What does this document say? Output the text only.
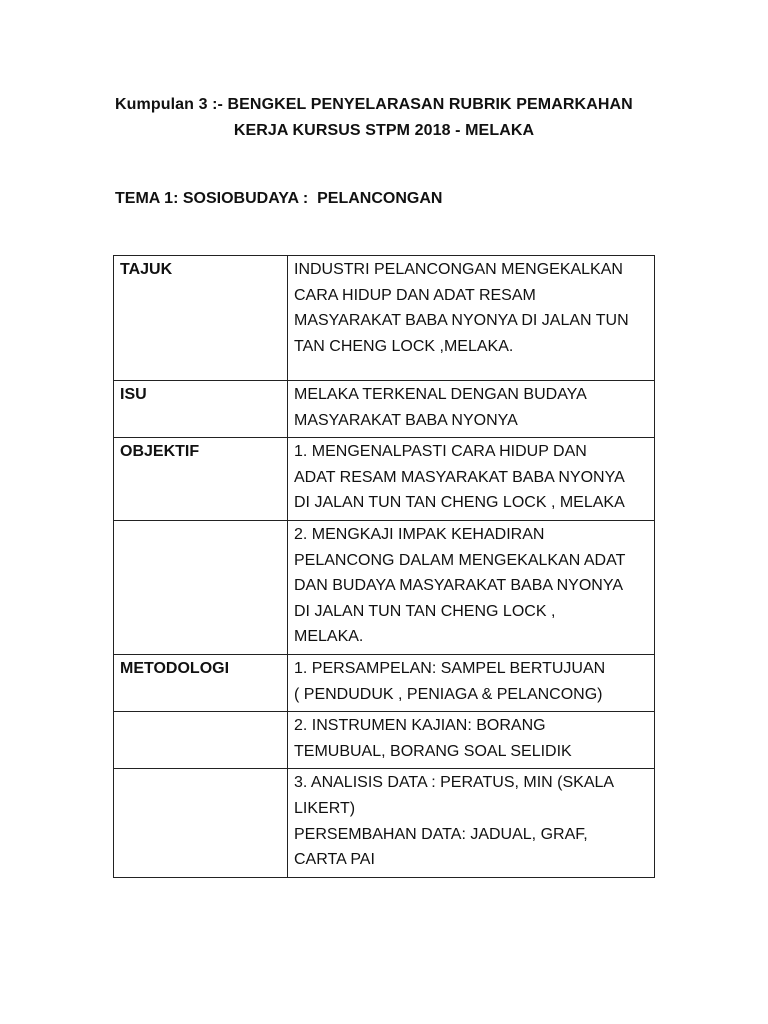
Kumpulan 3 :- BENGKEL PENYELARASAN RUBRIK PEMARKAHAN
KERJA KURSUS STPM 2018 - MELAKA
TEMA 1: SOSIOBUDAYA :  PELANCONGAN
TAJUK	INDUSTRI PELANCONGAN MENGEKALKAN
CARA HIDUP DAN ADAT RESAM
MASYARAKAT BABA NYONYA DI JALAN TUN
TAN CHENG LOCK ,MELAKA.
ISU	MELAKA TERKENAL DENGAN BUDAYA
MASYARAKAT BABA NYONYA
OBJEKTIF	1. MENGENALPASTI CARA HIDUP DAN
ADAT RESAM MASYARAKAT BABA NYONYA
DI JALAN TUN TAN CHENG LOCK , MELAKA
	2. MENGKAJI IMPAK KEHADIRAN
PELANCONG DALAM MENGEKALKAN ADAT
DAN BUDAYA MASYARAKAT BABA NYONYA
DI JALAN TUN TAN CHENG LOCK ,
MELAKA.
METODOLOGI	1. PERSAMPELAN: SAMPEL BERTUJUAN
( PENDUDUK , PENIAGA & PELANCONG)
	2. INSTRUMEN KAJIAN: BORANG
TEMUBUAL, BORANG SOAL SELIDIK
	3. ANALISIS DATA : PERATUS, MIN (SKALA
LIKERT)
PERSEMBAHAN DATA: JADUAL, GRAF,
CARTA PAI
